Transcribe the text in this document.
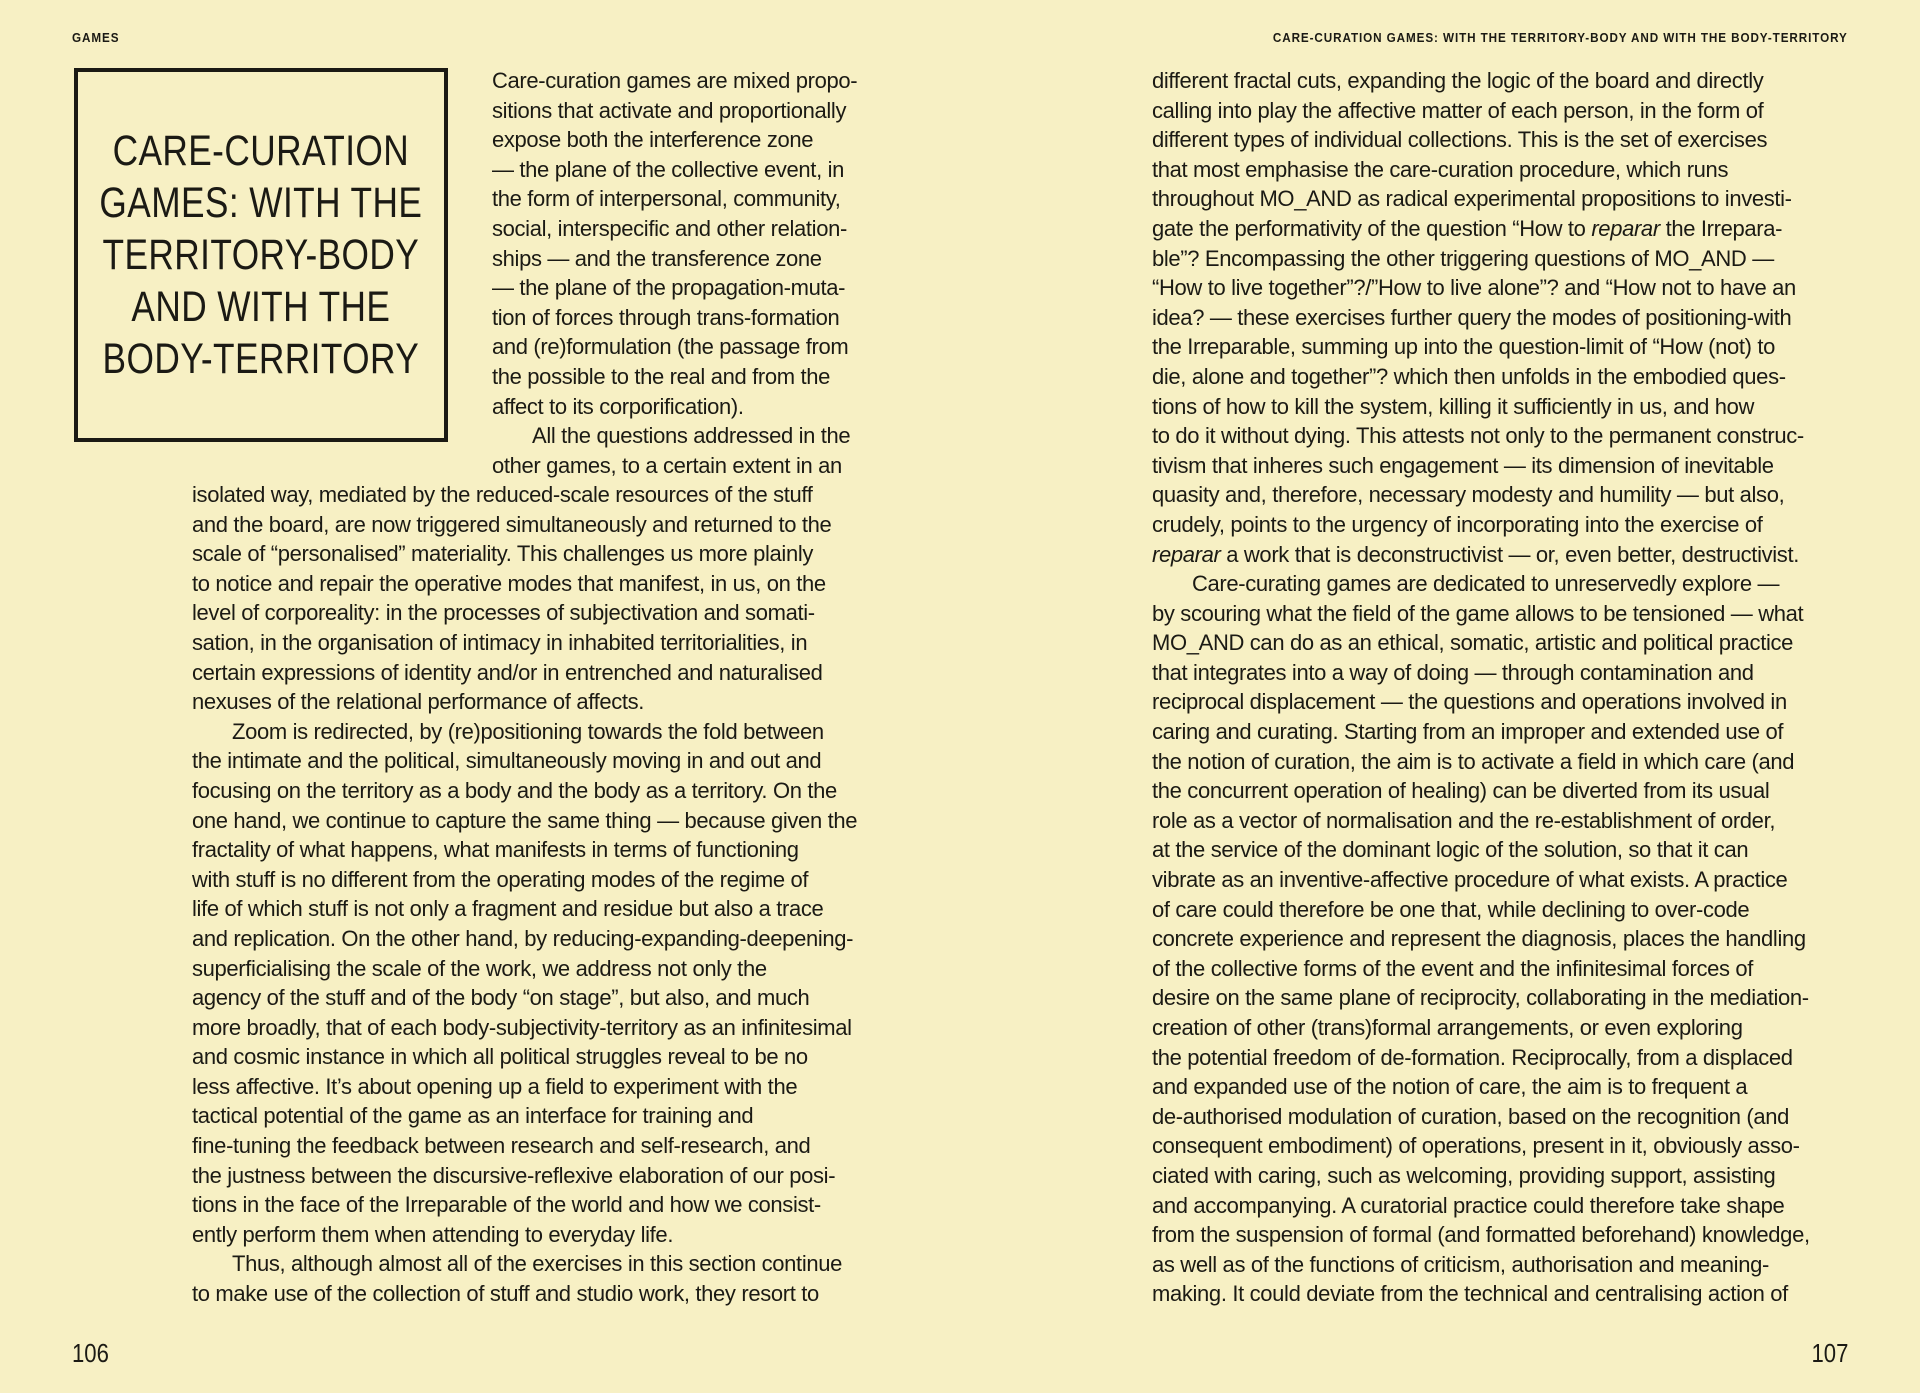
GAMES	CARE-CURATION GAMES: WITH THE TERRITORY-BODY AND WITH THE BODY-TERRITORY
CARE-CURATION
GAMES: WITH THE
TERRITORY-BODY
AND WITH THE
BODY-TERRITORY
Care-curation games are mixed propo-
sitions that activate and proportionally
expose both the interference zone
— the plane of the collective event, in
the form of interpersonal, community,
social, interspecific and other relation-
ships — and the transference zone
— the plane of the propagation-muta-
tion of forces through trans-formation
and (re)formulation (the passage from
the possible to the real and from the
affect to its corporification).
All the questions addressed in the
other games, to a certain extent in an
isolated way, mediated by the reduced-scale resources of the stuff
and the board, are now triggered simultaneously and returned to the
scale of “personalised” materiality. This challenges us more plainly
to notice and repair the operative modes that manifest, in us, on the
level of corporeality: in the processes of subjectivation and somati-
sation, in the organisation of intimacy in inhabited territorialities, in
certain expressions of identity and/or in entrenched and naturalised
nexuses of the relational performance of affects.
Zoom is redirected, by (re)positioning towards the fold between
the intimate and the political, simultaneously moving in and out and
focusing on the territory as a body and the body as a territory. On the
one hand, we continue to capture the same thing — because given the
fractality of what happens, what manifests in terms of functioning
with stuff is no different from the operating modes of the regime of
life of which stuff is not only a fragment and residue but also a trace
and replication. On the other hand, by reducing-expanding-deepening-
superficialising the scale of the work, we address not only the
agency of the stuff and of the body “on stage”, but also, and much
more broadly, that of each body-subjectivity-territory as an infinitesimal
and cosmic instance in which all political struggles reveal to be no
less affective. It’s about opening up a field to experiment with the
tactical potential of the game as an interface for training and
fine-tuning the feedback between research and self-research, and
the justness between the discursive-reflexive elaboration of our posi-
tions in the face of the Irreparable of the world and how we consist-
ently perform them when attending to everyday life.
Thus, although almost all of the exercises in this section continue
to make use of the collection of stuff and studio work, they resort to
different fractal cuts, expanding the logic of the board and directly
calling into play the affective matter of each person, in the form of
different types of individual collections. This is the set of exercises
that most emphasise the care-curation procedure, which runs
throughout MO_AND as radical experimental propositions to investi-
gate the performativity of the question “How to reparar the Irrepara-
ble”? Encompassing the other triggering questions of MO_AND —
“How to live together”?/”How to live alone”? and “How not to have an
idea? — these exercises further query the modes of positioning-with
the Irreparable, summing up into the question-limit of “How (not) to
die, alone and together”? which then unfolds in the embodied ques-
tions of how to kill the system, killing it sufficiently in us, and how
to do it without dying. This attests not only to the permanent construc-
tivism that inheres such engagement — its dimension of inevitable
quasity and, therefore, necessary modesty and humility — but also,
crudely, points to the urgency of incorporating into the exercise of
reparar a work that is deconstructivist — or, even better, destructivist.
Care-curating games are dedicated to unreservedly explore —
by scouring what the field of the game allows to be tensioned — what
MO_AND can do as an ethical, somatic, artistic and political practice
that integrates into a way of doing — through contamination and
reciprocal displacement — the questions and operations involved in
caring and curating. Starting from an improper and extended use of
the notion of curation, the aim is to activate a field in which care (and
the concurrent operation of healing) can be diverted from its usual
role as a vector of normalisation and the re-establishment of order,
at the service of the dominant logic of the solution, so that it can
vibrate as an inventive-affective procedure of what exists. A practice
of care could therefore be one that, while declining to over-code
concrete experience and represent the diagnosis, places the handling
of the collective forms of the event and the infinitesimal forces of
desire on the same plane of reciprocity, collaborating in the mediation-
creation of other (trans)formal arrangements, or even exploring
the potential freedom of de-formation. Reciprocally, from a displaced
and expanded use of the notion of care, the aim is to frequent a
de-authorised modulation of curation, based on the recognition (and
consequent embodiment) of operations, present in it, obviously asso-
ciated with caring, such as welcoming, providing support, assisting
and accompanying. A curatorial practice could therefore take shape
from the suspension of formal (and formatted beforehand) knowledge,
as well as of the functions of criticism, authorisation and meaning-
making. It could deviate from the technical and centralising action of
106	107
